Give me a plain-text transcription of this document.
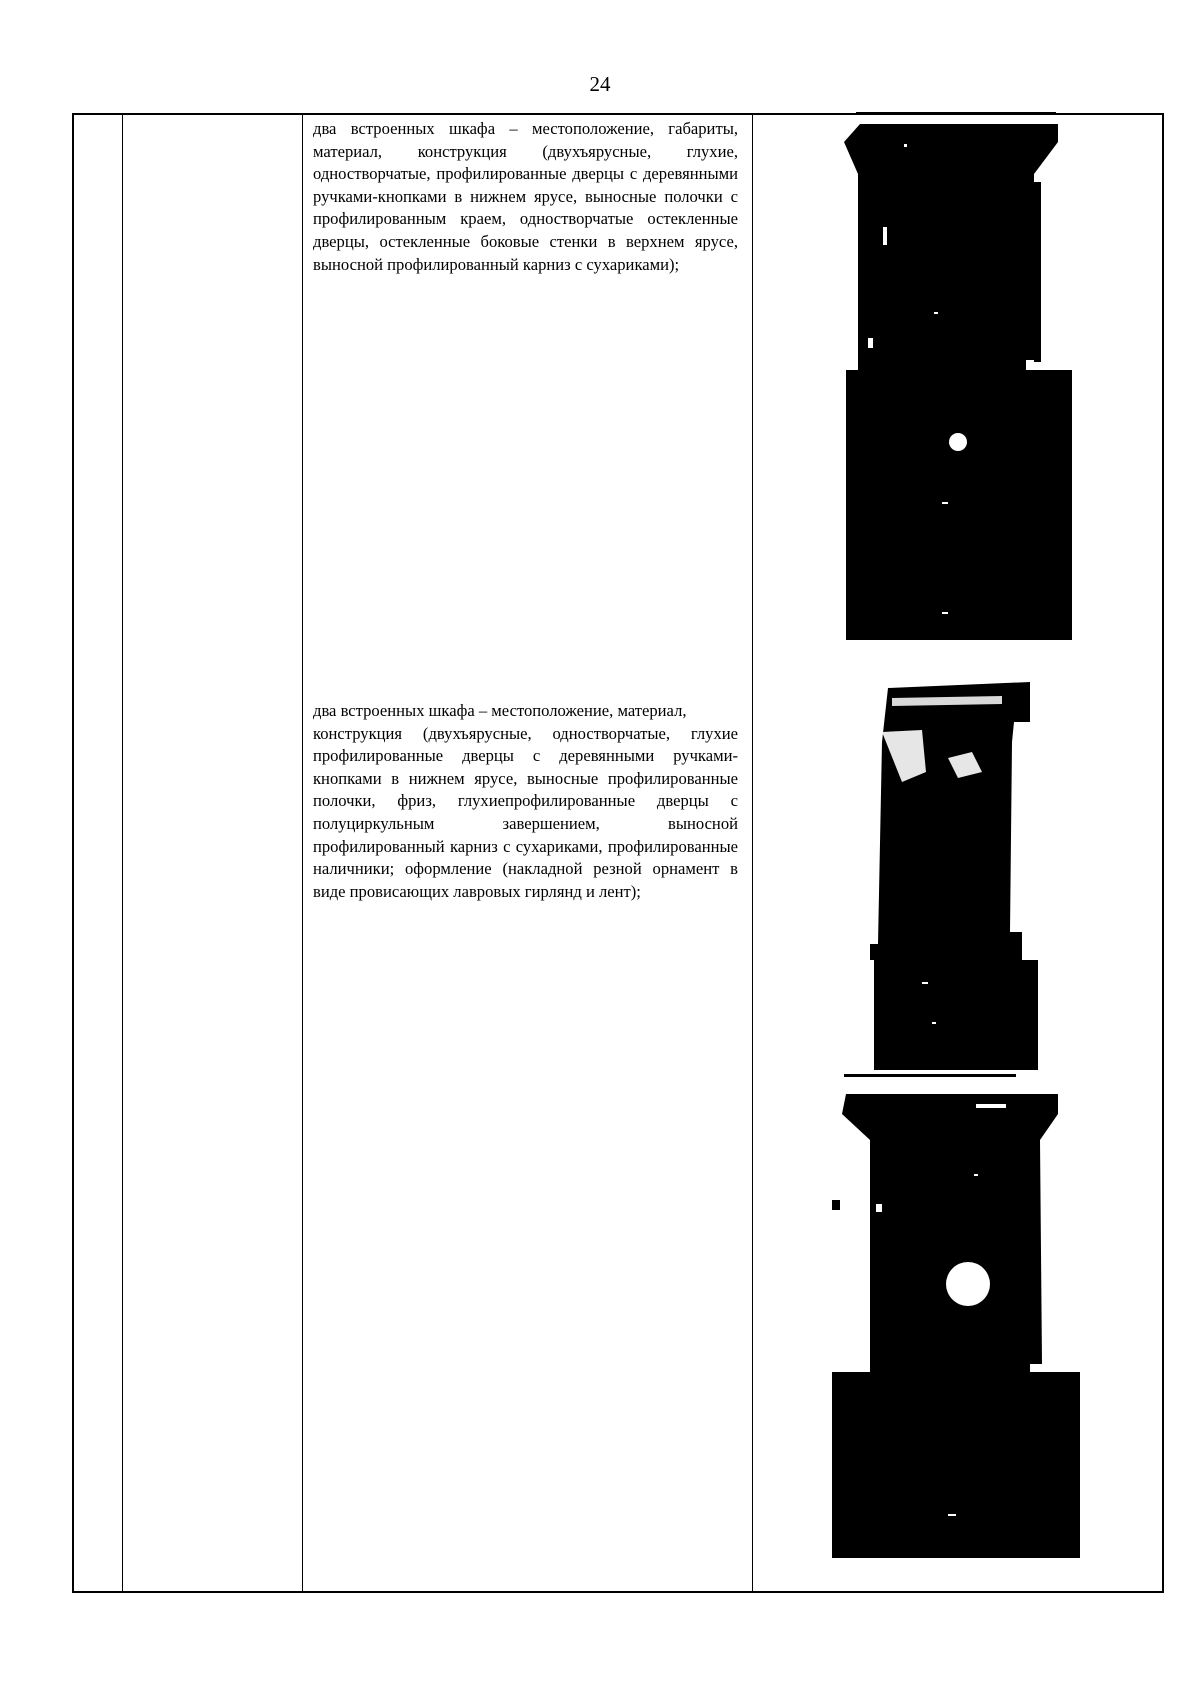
24

два встроенных шкафа – местоположение, габариты, материал, конструкция (двухъярусные, глухие, одностворчатые, профилированные дверцы с деревянными ручками-кнопками в нижнем ярусе, выносные полочки с профилированным краем, одностворчатые остекленные дверцы, остекленные боковые стенки в верхнем ярусе, выносной профилированный карниз с сухариками);

два встроенных шкафа – местоположение, материал,

конструкция (двухъярусные, одностворчатые, глухие профилированные дверцы с деревянными ручками-кнопками в нижнем ярусе, выносные профилированные полочки, фриз, глухиепрофилированные дверцы с полуциркульным завершением, выносной профилированный карниз с сухариками, профилированные наличники; оформление (накладной резной орнамент в виде провисающих лавровых гирлянд и лент);
